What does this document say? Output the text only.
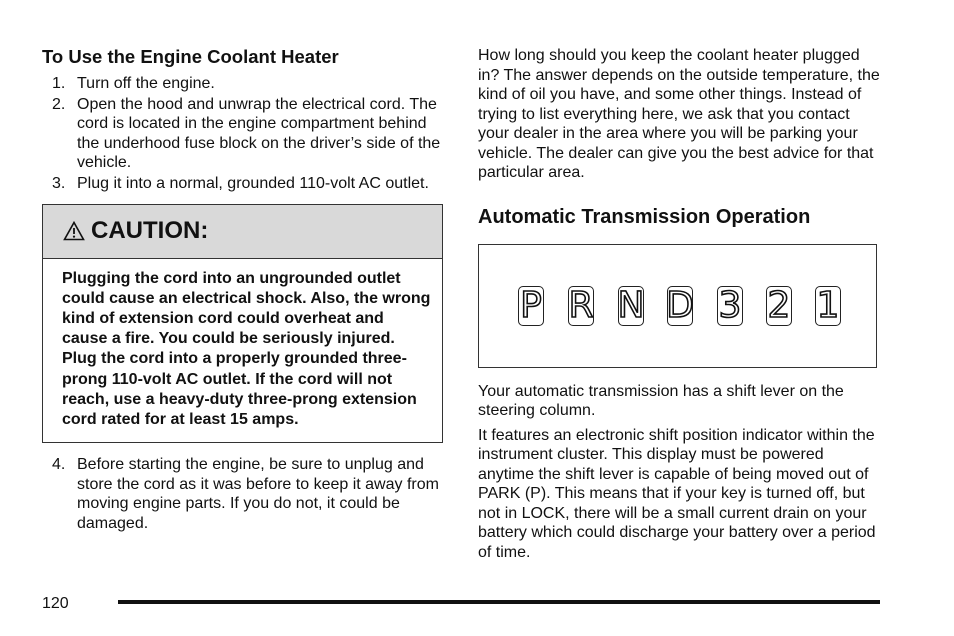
To Use the Engine Coolant Heater
1. Turn off the engine.
2. Open the hood and unwrap the electrical cord. The cord is located in the engine compartment behind the underhood fuse block on the driver’s side of the vehicle.
3. Plug it into a normal, grounded 110-volt AC outlet.
CAUTION:
Plugging the cord into an ungrounded outlet could cause an electrical shock. Also, the wrong kind of extension cord could overheat and cause a fire. You could be seriously injured. Plug the cord into a properly grounded three-prong 110-volt AC outlet. If the cord will not reach, use a heavy-duty three-prong extension cord rated for at least 15 amps.
4. Before starting the engine, be sure to unplug and store the cord as it was before to keep it away from moving engine parts. If you do not, it could be damaged.

How long should you keep the coolant heater plugged in? The answer depends on the outside temperature, the kind of oil you have, and some other things. Instead of trying to list everything here, we ask that you contact your dealer in the area where you will be parking your vehicle. The dealer can give you the best advice for that particular area.

Automatic Transmission Operation
P R N D 3 2 1

Your automatic transmission has a shift lever on the steering column.

It features an electronic shift position indicator within the instrument cluster. This display must be powered anytime the shift lever is capable of being moved out of PARK (P). This means that if your key is turned off, but not in LOCK, there will be a small current drain on your battery which could discharge your battery over a period of time.

120
